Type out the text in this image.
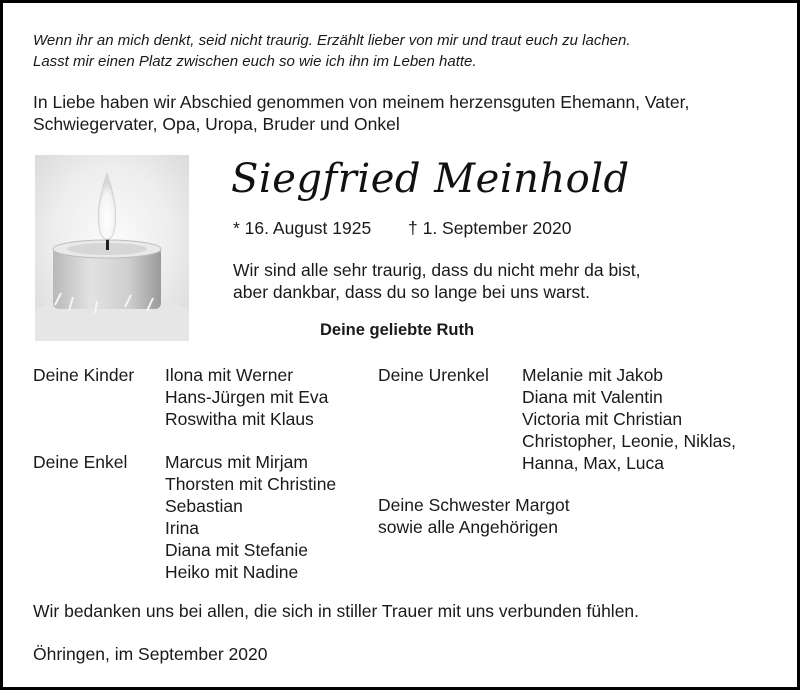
Wenn ihr an mich denkt, seid nicht traurig. Erzählt lieber von mir und traut euch zu lachen.
Lasst mir einen Platz zwischen euch so wie ich ihn im Leben hatte.
In Liebe haben wir Abschied genommen von meinem herzensguten Ehemann, Vater,
Schwiegervater, Opa, Uropa, Bruder und Onkel
Siegfried Meinhold
* 16. August 1925 † 1. September 2020
Wir sind alle sehr traurig, dass du nicht mehr da bist,
aber dankbar, dass du so lange bei uns warst.
Deine geliebte Ruth
Deine Kinder Ilona mit Werner
Hans-Jürgen mit Eva
Roswitha mit Klaus
Deine Enkel Marcus mit Mirjam
Thorsten mit Christine
Sebastian
Irina
Diana mit Stefanie
Heiko mit Nadine
Deine Urenkel Melanie mit Jakob
Diana mit Valentin
Victoria mit Christian
Christopher, Leonie, Niklas,
Hanna, Max, Luca
Deine Schwester Margot
sowie alle Angehörigen
Wir bedanken uns bei allen, die sich in stiller Trauer mit uns verbunden fühlen.
Öhringen, im September 2020
